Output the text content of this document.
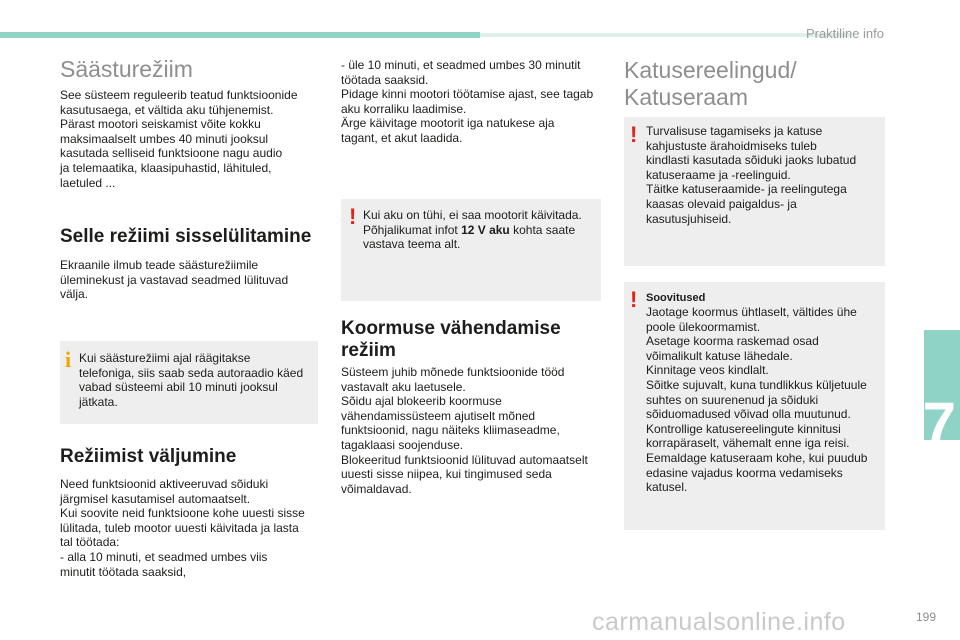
Praktiline info
7
Säästurežiim

See süsteem reguleerib teatud funktsioonide
kasutusaega, et vältida aku tühjenemist.
Pärast mootori seiskamist võite kokku
maksimaalselt umbes 40 minuti jooksul
kasutada selliseid funktsioone nagu audio
ja telemaatika, klaasipuhastid, lähituled,
laetuled ...

Selle režiimi sisselülitamine

Ekraanile ilmub teade säästurežiimile
üleminekust ja vastavad seadmed lülituvad
välja.

i Kui säästurežiimi ajal räägitakse
telefoniga, siis saab seda autoraadio käed
vabad süsteemi abil 10 minuti jooksul
jätkata.

Režiimist väljumine

Need funktsioonid aktiveeruvad sõiduki
järgmisel kasutamisel automaatselt.
Kui soovite neid funktsioone kohe uuesti sisse
lülitada, tuleb mootor uuesti käivitada ja lasta
tal töötada:
- alla 10 minuti, et seadmed umbes viis
minutit töötada saaksid,

- üle 10 minuti, et seadmed umbes 30 minutit
töötada saaksid.
Pidage kinni mootori töötamise ajast, see tagab
aku korraliku laadimise.
Ärge käivitage mootorit iga natukese aja
tagant, et akut laadida.

! Kui aku on tühi, ei saa mootorit käivitada.
Põhjalikumat infot 12 V aku kohta saate
vastava teema alt.

Koormuse vähendamise
režiim

Süsteem juhib mõnede funktsioonide tööd
vastavalt aku laetusele.
Sõidu ajal blokeerib koormuse
vähendamissüsteem ajutiselt mõned
funktsioonid, nagu näiteks kliimaseadme,
tagaklaasi soojenduse.
Blokeeritud funktsioonid lülituvad automaatselt
uuesti sisse niipea, kui tingimused seda
võimaldavad.

Katusereelingud/
Katuseraam
! Turvalisuse tagamiseks ja katuse
kahjustuste ärahoidmiseks tuleb
kindlasti kasutada sõiduki jaoks lubatud
katuseraame ja -reelinguid.
Täitke katuseraamide- ja reelingutega
kaasas olevaid paigaldus- ja
kasutusjuhiseid.

! Soovitused

Jaotage koormus ühtlaselt, vältides ühe
poole ülekoormamist.
Asetage koorma raskemad osad
võimalikult katuse lähedale.
Kinnitage veos kindlalt.
Sõitke sujuvalt, kuna tundlikkus küljetuule
suhtes on suurenenud ja sõiduki
sõiduomadused võivad olla muutunud.
Kontrollige katusereelingute kinnitusi
korrapäraselt, vähemalt enne iga reisi.
Eemaldage katuseraam kohe, kui puudub
edasine vajadus koorma vedamiseks
katusel.

carmanualsonline.info	199
